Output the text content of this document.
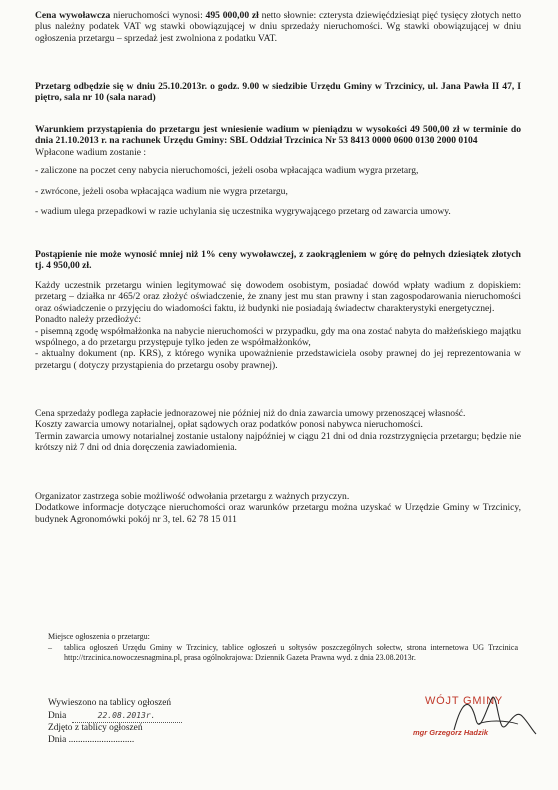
Cena wywoławcza nieruchomości wynosi: 495 000,00 zł netto słownie: czterysta dziewięćdziesiąt pięć tysięcy złotych netto plus należny podatek VAT wg stawki obowiązującej w dniu sprzedaży nieruchomości. Wg stawki obowiązującej w dniu ogłoszenia przetargu – sprzedaż jest zwolniona z podatku VAT.

Przetarg odbędzie się w dniu 25.10.2013r. o godz. 9.00 w siedzibie Urzędu Gminy w Trzcinicy, ul. Jana Pawła II 47, I piętro, sala nr 10 (sala narad)

Warunkiem przystąpienia do przetargu jest wniesienie wadium w pieniądzu w wysokości 49 500,00 zł w terminie do dnia 21.10.2013 r. na rachunek Urzędu Gminy: SBL Oddział Trzcinica Nr 53 8413 0000 0600 0130 2000 0104

Wpłacone wadium zostanie :

- zaliczone na poczet ceny nabycia nieruchomości, jeżeli osoba wpłacająca wadium wygra przetarg,

- zwrócone, jeżeli osoba wpłacająca wadium nie wygra przetargu,

- wadium ulega przepadkowi w razie uchylania się uczestnika wygrywającego przetarg od zawarcia umowy.

Postąpienie nie może wynosić mniej niż 1% ceny wywoławczej, z zaokrągleniem w górę do pełnych dziesiątek złotych tj. 4 950,00 zł.

Każdy uczestnik przetargu winien legitymować się dowodem osobistym, posiadać dowód wpłaty wadium z dopiskiem: przetarg – działka nr 465/2 oraz złożyć oświadczenie, że znany jest mu stan prawny i stan zagospodarowania nieruchomości oraz oświadczenie o przyjęciu do wiadomości faktu, iż budynki nie posiadają świadectw charakterystyki energetycznej.

Ponadto należy przedłożyć:

- pisemną zgodę współmałżonka na nabycie nieruchomości w przypadku, gdy ma ona zostać nabyta do małżeńskiego majątku wspólnego, a do przetargu przystępuje tylko jeden ze współmałżonków,

- aktualny dokument (np. KRS), z którego wynika upoważnienie przedstawiciela osoby prawnej do jej reprezentowania w przetargu ( dotyczy przystąpienia do przetargu osoby prawnej).

Cena sprzedaży podlega zapłacie jednorazowej nie później niż do dnia zawarcia umowy przenoszącej własność.

Koszty zawarcia umowy notarialnej, opłat sądowych oraz podatków ponosi nabywca nieruchomości.

Termin zawarcia umowy notarialnej zostanie ustalony najpóźniej w ciągu 21 dni od dnia rozstrzygnięcia przetargu; będzie nie krótszy niż 7 dni od dnia doręczenia zawiadomienia.

Organizator zastrzega sobie możliwość odwołania przetargu z ważnych przyczyn.

Dodatkowe informacje dotyczące nieruchomości oraz warunków przetargu można uzyskać w Urzędzie Gminy w Trzcinicy, budynek Agronomówki pokój nr 3, tel. 62 78 15 011

Miejsce ogłoszenia o przetargu:
–	tablica ogłoszeń Urzędu Gminy w Trzcinicy, tablice ogłoszeń u sołtysów poszczególnych sołectw, strona internetowa UG Trzcinica http://trzcinica.nowoczesnagmina.pl, prasa ogólnokrajowa: Dziennik Gazeta Prawna wyd. z dnia 23.08.2013r.
Wywieszono na tablicy ogłoszeń
Dnia	22.08.2013r.
Zdjęto z tablicy ogłoszeń
Dnia ............................
WÓJT GMINY
mgr Grzegorz Hadzik
